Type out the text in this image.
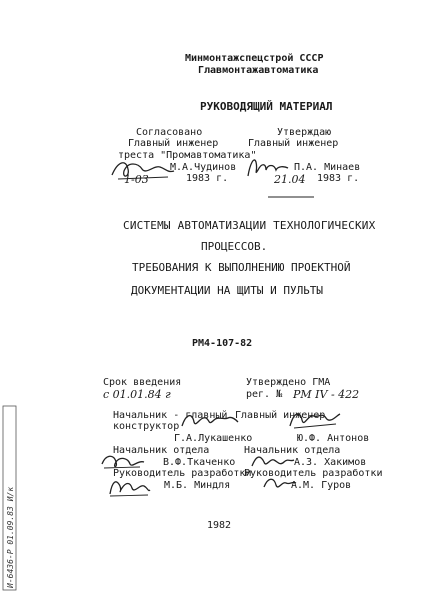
Минмонтажспецстрой СССР
Главмонтажавтоматика
РУКОВОДЯЩИЙ МАТЕРИАЛ
Согласовано
Главный инженер
треста "Промавтоматика"
М.А.Чудинов
1-03	1983 г.
Утверждаю
Главный инженер
П.А. Минаев
21.04 1983 г.
СИСТЕМЫ АВТОМАТИЗАЦИИ ТЕХНОЛОГИЧЕСКИХ
ПРОЦЕССОВ.
ТРЕБОВАНИЯ К ВЫПОЛНЕНИЮ ПРОЕКТНОЙ
ДОКУМЕНТАЦИИ НА ЩИТЫ И ПУЛЬТЫ
РМ4-107-82
Срок введения
с 01.01.84 г
Утверждено ГМА
рег. № РМ IV - 422
Начальник - главный
конструктор
Главный инженер
Г.А.Лукашенко	Ю.Ф. Антонов
Начальник отдела	Начальник отдела
В.Ф.Ткаченко	А.З. Хакимов
Руководитель разработки
Руководитель разработки
М.Б. Миндля	А.М. Гуров
1982
И-6436-Р 01.09.83 И/к
